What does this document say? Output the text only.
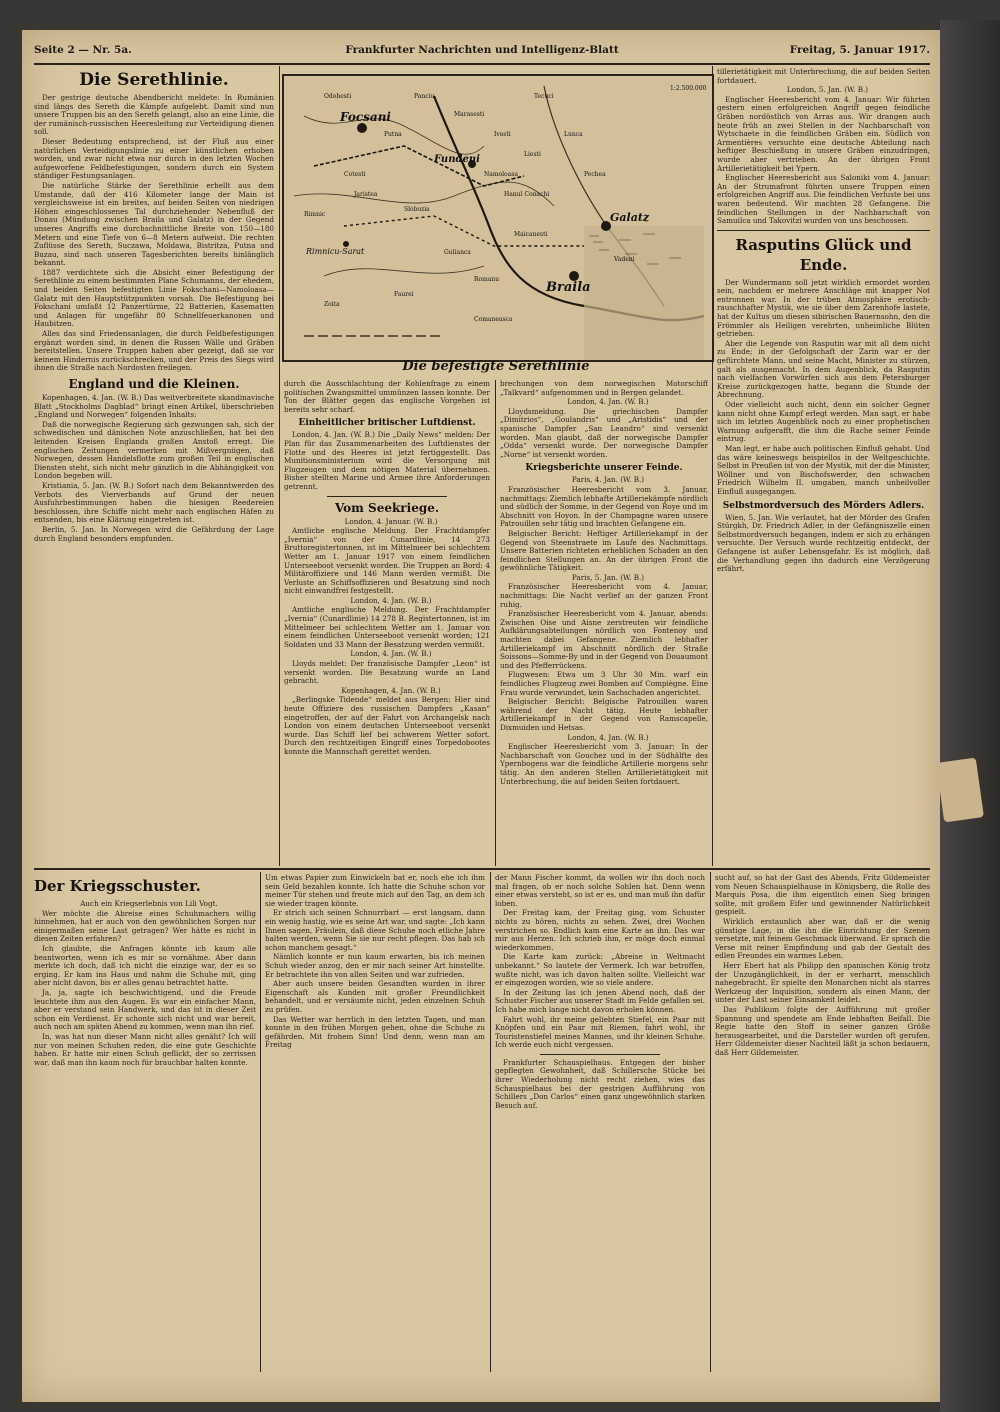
Seite 2 — Nr. 5a.	Frankfurter Nachrichten und Intelligenz-Blatt	Freitag, 5. Januar 1917.
Die Serethlinie.

Der gestrige deutsche Abendbericht meldete: In Rumänien sind längs des Sereth die Kämpfe aufgelebt. Damit sind nun unsere Truppen bis an den Sereth gelangt, also an eine Linie, die der rumänisch-russischen Heeresleitung zur Verteidigung dienen soll.

Dieser Bedeutung entsprechend, ist der Fluß aus einer natürlichen Verteidigungslinie zu einer künstlichen erhoben worden, und zwar nicht etwa nur durch in den letzten Wochen aufgeworfene Feldbefestigungen, sondern durch ein System ständiger Festungsanlagen.

Die natürliche Stärke der Serethlinie erhellt aus dem Umstande, daß der 416 Kilometer lange der Main ist vergleichsweise ist ein breites, auf beiden Seiten von niedrigen Höhen eingeschlossenes Tal durchziehender Nebenfluß der Donau (Mündung zwischen Braila und Galatz) in der Gegend unseres Angriffs eine durchschnittliche Breite von 150—180 Metern und eine Tiefe von 6—8 Metern aufweist. Die rechten Zuflüsse des Sereth, Suczawa, Moldawa, Bistritza, Putna und Buzau, sind nach unseren Tagesberichten bereits hinlänglich bekannt.

1887 verdichtete sich die Absicht einer Befestigung der Serethlinie zu einem bestimmten Plane Schumanns, der ehedem, und beiden Seiten befestigten Linie Fokschani—Namoloasa—Galatz mit den Hauptstützpunkten vorsah. Die Befestigung bei Fokschani umfaßt 12 Panzertürme, 22 Batterien, Kasematten und Anlagen für ungefähr 80 Schnellfeuerkanonen und Haubitzen.

Alles das sind Friedensanlagen, die durch Feldbefestigungen ergänzt worden sind, in denen die Russen Wälle und Gräben bereitstellen. Unsere Truppen haben aber gezeigt, daß sie vor keinem Hindernis zurückschrecken, und der Preis des Siegs wird ihnen die Straße nach Nordosten freilegen.

England und die Kleinen.

Kopenhagen, 4. Jan. (W. B.) Das weitverbreitete skandinavische Blatt „Stockholms Dagblad“ bringt einen Artikel, überschrieben „England und Norwegen“ folgenden Inhalts:

Daß die norwegische Regierung sich gezwungen sah, sich der schwedischen und dänischen Note anzuschließen, hat bei den leitenden Kreisen Englands großen Anstoß erregt. Die englischen Zeitungen vermerken mit Mißvergnügen, daß Norwegen, dessen Handelsflotte zum großen Teil in englischen Diensten steht, sich nicht mehr gänzlich in die Abhängigkeit von London begeben will.

Kristiania, 5. Jan. (W. B.) Sofort nach dem Bekanntwerden des Verbots des Vierverbands auf Grund der neuen Ausfuhrbestimmungen haben die hiesigen Reedereien beschlossen, ihre Schiffe nicht mehr nach englischen Häfen zu entsenden, bis eine Klärung eingetreten ist.

Berlin, 5. Jan. In Norwegen wird die Gefährdung der Lage durch England besonders empfunden.

Focsani
Fundeni
Galatz
Braila
Rimnicu-Sarat
Odobesti	Panciu
Marasesti
Tecuci
Ivesti
Liesti
Namoloasa
Slobozia
Gulianca
Romanu
Comaneasca
Zoita
Jaristea
Vadeni
Faurei
Putna	Lunca
Pechea
Hanul Conachi
Rimnic
Cotesti
Maicanesti
1:2.500.000
Die befestigte Serethlinie

durch die Ausschlachtung der Kohlenfrage zu einem politischen Zwangsmittel ummünzen lassen konnte. Der Ton der Blätter gegen das englische Vorgehen ist bereits sehr scharf.

Einheitlicher britischer Luftdienst.

London, 4. Jan. (W. B.) Die „Daily News“ melden: Der Plan für das Zusammenarbeiten des Luftdienstes der Flotte und des Heeres ist jetzt fertiggestellt. Das Munitionsministerium wird die Versorgung mit Flugzeugen und dem nötigen Material übernehmen. Bisher stellten Marine und Armee ihre Anforderungen getrennt.

Vom Seekriege.

London, 4. Januar. (W. B.)

Amtliche englische Meldung. Der Frachtdampfer „Ivernia“ von der Cunardlinie, 14 273 Bruttoregistertonnen, ist im Mittelmeer bei schlechtem Wetter am 1. Januar 1917 von einem feindlichen Unterseeboot versenkt worden. Die Truppen an Bord: 4 Militäroffiziere und 146 Mann werden vermißt. Die Verluste an Schiffsoffizieren und Besatzung sind noch nicht einwandfrei festgestellt.

London, 4. Jan. (W. B.)

Amtliche englische Meldung. Der Frachtdampfer „Ivernia“ (Cunardlinie) 14 278 B. Registertonnen, ist im Mittelmeer bei schlechtem Wetter am 1. Januar von einem feindlichen Unterseeboot versenkt worden; 121 Soldaten und 33 Mann der Besatzung werden vermißt.

London, 4. Jan. (W. B.)

Lloyds meldet: Der französische Dampfer „Leon“ ist versenkt worden. Die Besatzung wurde an Land gebracht.

Kopenhagen, 4. Jan. (W. B.)

„Berlingske Tidende“ meldet aus Bergen: Hier sind heute Offiziere des russischen Dampfers „Kasan“ eingetroffen, der auf der Fahrt von Archangelsk nach London von einem deutschen Unterseeboot versenkt wurde. Das Schiff lief bei schwerem Wetter sofort. Durch den rechtzeitigen Eingriff eines Torpedobootes konnte die Mannschaft gerettet werden.

brechungen von dem norwegischen Motorschiff „Talkvard“ aufgenommen und in Bergen gelandet.

London, 4. Jan. (W. B.)

Lloydsmeldung. Die griechischen Dampfer „Dimitrios“, „Goulandris“ und „Aristidis“ und der spanische Dampfer „San Leandro“ sind versenkt worden. Man glaubt, daß der norwegische Dampfer „Odda“ versenkt wurde. Der norwegische Dampfer „Norne“ ist versenkt worden.

Kriegsberichte unserer Feinde.

Paris, 4. Jan. (W. B.)

Französischer Heeresbericht vom 3. Januar, nachmittags: Ziemlich lebhafte Artilleriekämpfe nördlich und südlich der Somme, in der Gegend von Roye und im Abschnitt von Hoyon. In der Champagne waren unsere Patrouillen sehr tätig und brachten Gefangene ein.

Belgischer Bericht: Heftiger Artilleriekampf in der Gegend von Steenstraete im Laufe des Nachmittags. Unsere Batterien richteten erheblichen Schaden an den feindlichen Stellungen an. An der übrigen Front die gewöhnliche Tätigkeit.

Paris, 5. Jan. (W. B.)

Französischer Heeresbericht vom 4. Januar, nachmittags: Die Nacht verlief an der ganzen Front ruhig.

Französischer Heeresbericht vom 4. Januar, abends: Zwischen Oise und Aisne zerstreuten wir feindliche Aufklärungsabteilungen nördlich von Fontenoy und machten dabei Gefangene. Ziemlich lebhafter Artilleriekampf im Abschnitt nördlich der Straße Soissons—Somme-By und in der Gegend von Douaumont und des Pfefferrückens.

Flugwesen: Etwa um 3 Uhr 30 Min. warf ein feindliches Flugzeug zwei Bomben auf Compiègne. Eine Frau wurde verwundet, kein Sachschaden angerichtet.

Belgischer Bericht: Belgische Patrouillen waren während der Nacht tätig. Heute lebhafter Artilleriekampf in der Gegend von Ramscapelle, Dixmuiden und Hetsas.

London, 4. Jan. (W. B.)

Englischer Heeresbericht vom 3. Januar: In der Nachbarschaft von Gouchez und in der Südhälfte des Ypernbogens war die feindliche Artillerie morgens sehr tätig. An den anderen Stellen Artillerietätigkeit mit Unterbrechung, die auf beiden Seiten fortdauert.

tillerietätigkeit mit Unterbrechung, die auf beiden Seiten fortdauert.

London, 5. Jan. (W. B.)

Englischer Heeresbericht vom 4. Januar: Wir führten gestern einen erfolgreichen Angriff gegen feindliche Gräben nordöstlich von Arras aus. Wir drangen auch heute früh an zwei Stellen in der Nachbarschaft von Wytschaete in die feindlichen Gräben ein. Südlich von Armentières versuchte eine deutsche Abteilung nach heftiger Beschießung in unsere Gräben einzudringen, wurde aber vertrieben. An der übrigen Front Artillerietätigkeit bei Ypern.

Englischer Heeresbericht aus Saloniki vom 4. Januar: An der Strumafront führten unsere Truppen einen erfolgreichen Angriff aus. Die feindlichen Verluste bei uns waren bedeutend. Wir machten 28 Gefangene. Die feindlichen Stellungen in der Nachbarschaft von Samuilca und Takovitzi wurden von uns beschossen.

Rasputins Glück und Ende.

Der Wundermann soll jetzt wirklich ermordet worden sein, nachdem er mehrere Anschläge mit knapper Not entronnen war. In der trüben Atmosphäre erotisch-rauschhafter Mystik, wie sie über dem Zarenhofe lastete, hat der Kultus um diesen sibirischen Bauernsohn, den die Frömmler als Heiligen verehrten, unheimliche Blüten getrieben.

Aber die Legende von Rasputin war mit all dem nicht zu Ende; in der Gefolgschaft der Zarin war er der gefürchtete Mann, und seine Macht, Minister zu stürzen, galt als ausgemacht. In dem Augenblick, da Rasputin nach vielfachen Vorwürfen sich aus dem Petersburger Kreise zurückgezogen hatte, begann die Stunde der Abrechnung.

Oder vielleicht auch nicht, denn ein solcher Gegner kann nicht ohne Kampf erlegt werden. Man sagt, er habe sich im letzten Augenblick noch zu einer prophetischen Warnung aufgerafft, die ihm die Rache seiner Feinde eintrug.

Man legt, er habe auch politischen Einfluß gehabt. Und das wäre keineswegs beispiellos in der Weltgeschichte. Selbst in Preußen ist von der Mystik, mit der die Minister, Wöllner und von Bischofswerder, den schwachen Friedrich Wilhelm II. umgaben, manch unheilvoller Einfluß ausgegangen.

Selbstmordversuch des Mörders Adlers.

Wien, 5. Jan. Wie verlautet, hat der Mörder des Grafen Stürgkh, Dr. Friedrich Adler, in der Gefängniszelle einen Selbstmordversuch begangen, indem er sich zu erhängen versuchte. Der Versuch wurde rechtzeitig entdeckt, der Gefangene ist außer Lebensgefahr. Es ist möglich, daß die Verhandlung gegen ihn dadurch eine Verzögerung erfährt.

Der Kriegsschuster.

Auch ein Kriegserlebnis von Lili Vogt.

Wer möchte die Abreise eines Schuhmachers willig hinnehmen, hat er auch von den gewöhnlichen Sorgen nur einigermaßen seine Last getragen? Wer hätte es nicht in diesen Zeiten erfahren?

Ich glaubte, die Anfragen könnte ich kaum alle beantworten, wenn ich es mir so vornähme. Aber dann merkte ich doch, daß ich nicht die einzige war, der es so erging. Er kam ins Haus und nahm die Schuhe mit, ging aber nicht davon, bis er alles genau betrachtet hatte.

Ja, ja, sagte ich beschwichtigend, und die Freude leuchtete ihm aus den Augen. Es war ein einfacher Mann, aber er verstand sein Handwerk, und das ist in dieser Zeit schon ein Verdienst. Er schonte sich nicht und war bereit, auch noch am späten Abend zu kommen, wenn man ihn rief.

In, was hat nun dieser Mann nicht alles genäht? Ich will nur von meinen Schuhen reden, die eine gute Geschichte haben. Er hatte mir einen Schuh geflickt, der so zerrissen war, daß man ihn kaum noch für brauchbar halten konnte.

Um etwas Papier zum Einwickeln bat er, noch ehe ich ihm sein Geld bezahlen konnte. Ich hatte die Schuhe schon vor meiner Tür stehen und freute mich auf den Tag, an dem ich sie wieder tragen könnte.

Er strich sich seinen Schnurrbart — erst langsam, dann ein wenig hastig, wie es seine Art war, und sagte: „Ich kann Ihnen sagen, Fräulein, daß diese Schuhe noch etliche Jahre halten werden, wenn Sie sie nur recht pflegen. Das hab ich schon manchem gesagt.“

Nämlich konnte er nun kaum erwarten, bis ich meinen Schuh wieder anzog, den er mir nach seiner Art hinstellte. Er betrachtete ihn von allen Seiten und war zufrieden.

Aber auch unsere beiden Gesandten wurden in ihrer Eigenschaft als Kunden mit großer Freundlichkeit behandelt, und er versäumte nicht, jeden einzelnen Schuh zu prüfen.

Das Wetter war herrlich in den letzten Tagen, und man konnte in den frühen Morgen gehen, ohne die Schuhe zu gefährden. Mit frohem Sinn! Und denn, wenn man am Freitag

der Mann Fischer kommt, da wollen wir ihn doch noch mal fragen, ob er noch solche Sohlen hat. Denn wenn einer etwas versteht, so ist er es, und man muß ihn dafür loben.

Der Freitag kam, der Freitag ging, vom Schuster nichts zu hören, nichts zu sehen. Zwei, drei Wochen verstrichen so. Endlich kam eine Karte an ihn. Das war mir aus Herzen. Ich schrieb ihm, er möge doch einmal wiederkommen.

Die Karte kam zurück: „Abreise in Weltmacht unbekannt.“ So lautete der Vermerk. Ich war betroffen, wußte nicht, was ich davon halten sollte. Vielleicht war er eingezogen worden, wie so viele andere.

In der Zeitung las ich jenen Abend noch, daß der Schuster Fischer aus unserer Stadt im Felde gefallen sei. Ich habe mich lange nicht davon erholen können.

Fahrt wohl, ihr meine geliebten Stiefel, ein Paar mit Knöpfen und ein Paar mit Riemen, fahrt wohl, ihr Touristenstiefel meines Mannes, und ihr kleinen Schuhe. Ich werde euch nicht vergessen.

Frankfurter Schauspielhaus. Entgegen der bisher gepflegten Gewohnheit, daß Schillersche Stücke bei ihrer Wiederholung nicht recht ziehen, wies das Schauspielhaus bei der gestrigen Aufführung von Schillers „Don Carlos“ einen ganz ungewöhnlich starken Besuch auf.

sucht auf, so hat der Gast des Abends, Fritz Gildemeister vom Neuen Schauspielhause in Königsberg, die Rolle des Marquis Posa, die ihm eigentlich einen Sieg bringen sollte, mit großem Eifer und gewinnender Natürlichkeit gespielt.

Wirklich erstaunlich aber war, daß er die wenig günstige Lage, in die ihn die Einrichtung der Szenen versetzte, mit feinem Geschmack überwand. Er sprach die Verse mit reiner Empfindung und gab der Gestalt des edlen Freundes ein warmes Leben.

Herr Ebert hat als Philipp den spanischen König trotz der Unzugänglichkeit, in der er verharrt, menschlich nahegebracht. Er spielte den Monarchen nicht als starres Werkzeug der Inquisition, sondern als einen Mann, der unter der Last seiner Einsamkeit leidet.

Das Publikum folgte der Aufführung mit großer Spannung und spendete am Ende lebhaften Beifall. Die Regie hatte den Stoff in seiner ganzen Größe herausgearbeitet, und die Darsteller wurden oft gerufen. Herr Gildemeister dieser Nachteil läßt ja schon bedauern, daß Herr Gildemeister.
